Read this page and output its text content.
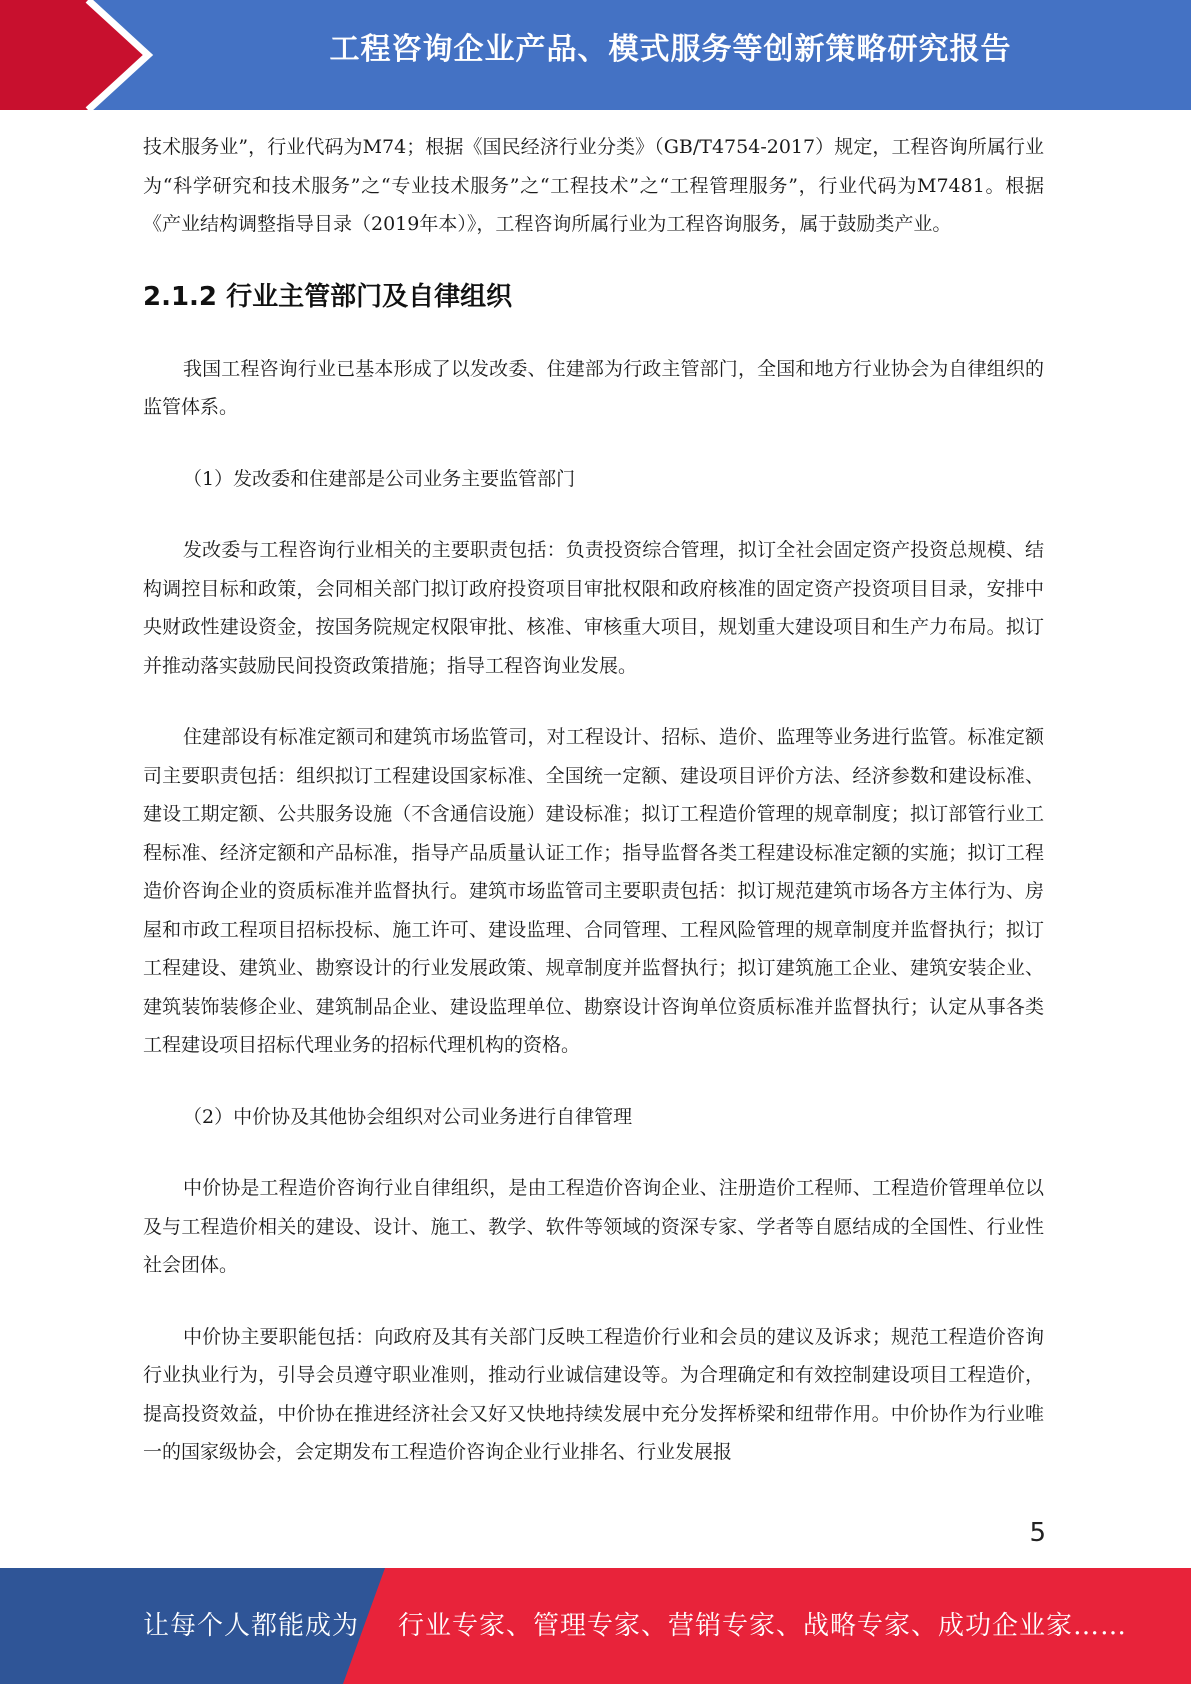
工程咨询企业产品、模式服务等创新策略研究报告

技术服务业”，行业代码为M74；根据《国民经济行业分类》（GB/T4754-2017）规定，工程咨询所属行业为“科学研究和技术服务”之“专业技术服务”之“工程技术”之“工程管理服务”，行业代码为M7481。根据《产业结构调整指导目录（2019年本）》，工程咨询所属行业为工程咨询服务，属于鼓励类产业。

2.1.2 行业主管部门及自律组织

我国工程咨询行业已基本形成了以发改委、住建部为行政主管部门，全国和地方行业协会为自律组织的监管体系。

（1）发改委和住建部是公司业务主要监管部门

发改委与工程咨询行业相关的主要职责包括：负责投资综合管理，拟订全社会固定资产投资总规模、结构调控目标和政策，会同相关部门拟订政府投资项目审批权限和政府核准的固定资产投资项目目录，安排中央财政性建设资金，按国务院规定权限审批、核准、审核重大项目，规划重大建设项目和生产力布局。拟订并推动落实鼓励民间投资政策措施；指导工程咨询业发展。

住建部设有标准定额司和建筑市场监管司，对工程设计、招标、造价、监理等业务进行监管。标准定额司主要职责包括：组织拟订工程建设国家标准、全国统一定额、建设项目评价方法、经济参数和建设标准、建设工期定额、公共服务设施（不含通信设施）建设标准；拟订工程造价管理的规章制度；拟订部管行业工程标准、经济定额和产品标准，指导产品质量认证工作；指导监督各类工程建设标准定额的实施；拟订工程造价咨询企业的资质标准并监督执行。建筑市场监管司主要职责包括：拟订规范建筑市场各方主体行为、房屋和市政工程项目招标投标、施工许可、建设监理、合同管理、工程风险管理的规章制度并监督执行；拟订工程建设、建筑业、勘察设计的行业发展政策、规章制度并监督执行；拟订建筑施工企业、建筑安装企业、建筑装饰装修企业、建筑制品企业、建设监理单位、勘察设计咨询单位资质标准并监督执行；认定从事各类工程建设项目招标代理业务的招标代理机构的资格。

（2）中价协及其他协会组织对公司业务进行自律管理

中价协是工程造价咨询行业自律组织，是由工程造价咨询企业、注册造价工程师、工程造价管理单位以及与工程造价相关的建设、设计、施工、教学、软件等领域的资深专家、学者等自愿结成的全国性、行业性社会团体。

中价协主要职能包括：向政府及其有关部门反映工程造价行业和会员的建议及诉求；规范工程造价咨询行业执业行为，引导会员遵守职业准则，推动行业诚信建设等。为合理确定和有效控制建设项目工程造价，提高投资效益，中价协在推进经济社会又好又快地持续发展中充分发挥桥梁和纽带作用。中价协作为行业唯一的国家级协会，会定期发布工程造价咨询企业行业排名、行业发展报

5
让每个人都能成为 行业专家、管理专家、营销专家、战略专家、成功企业家……
